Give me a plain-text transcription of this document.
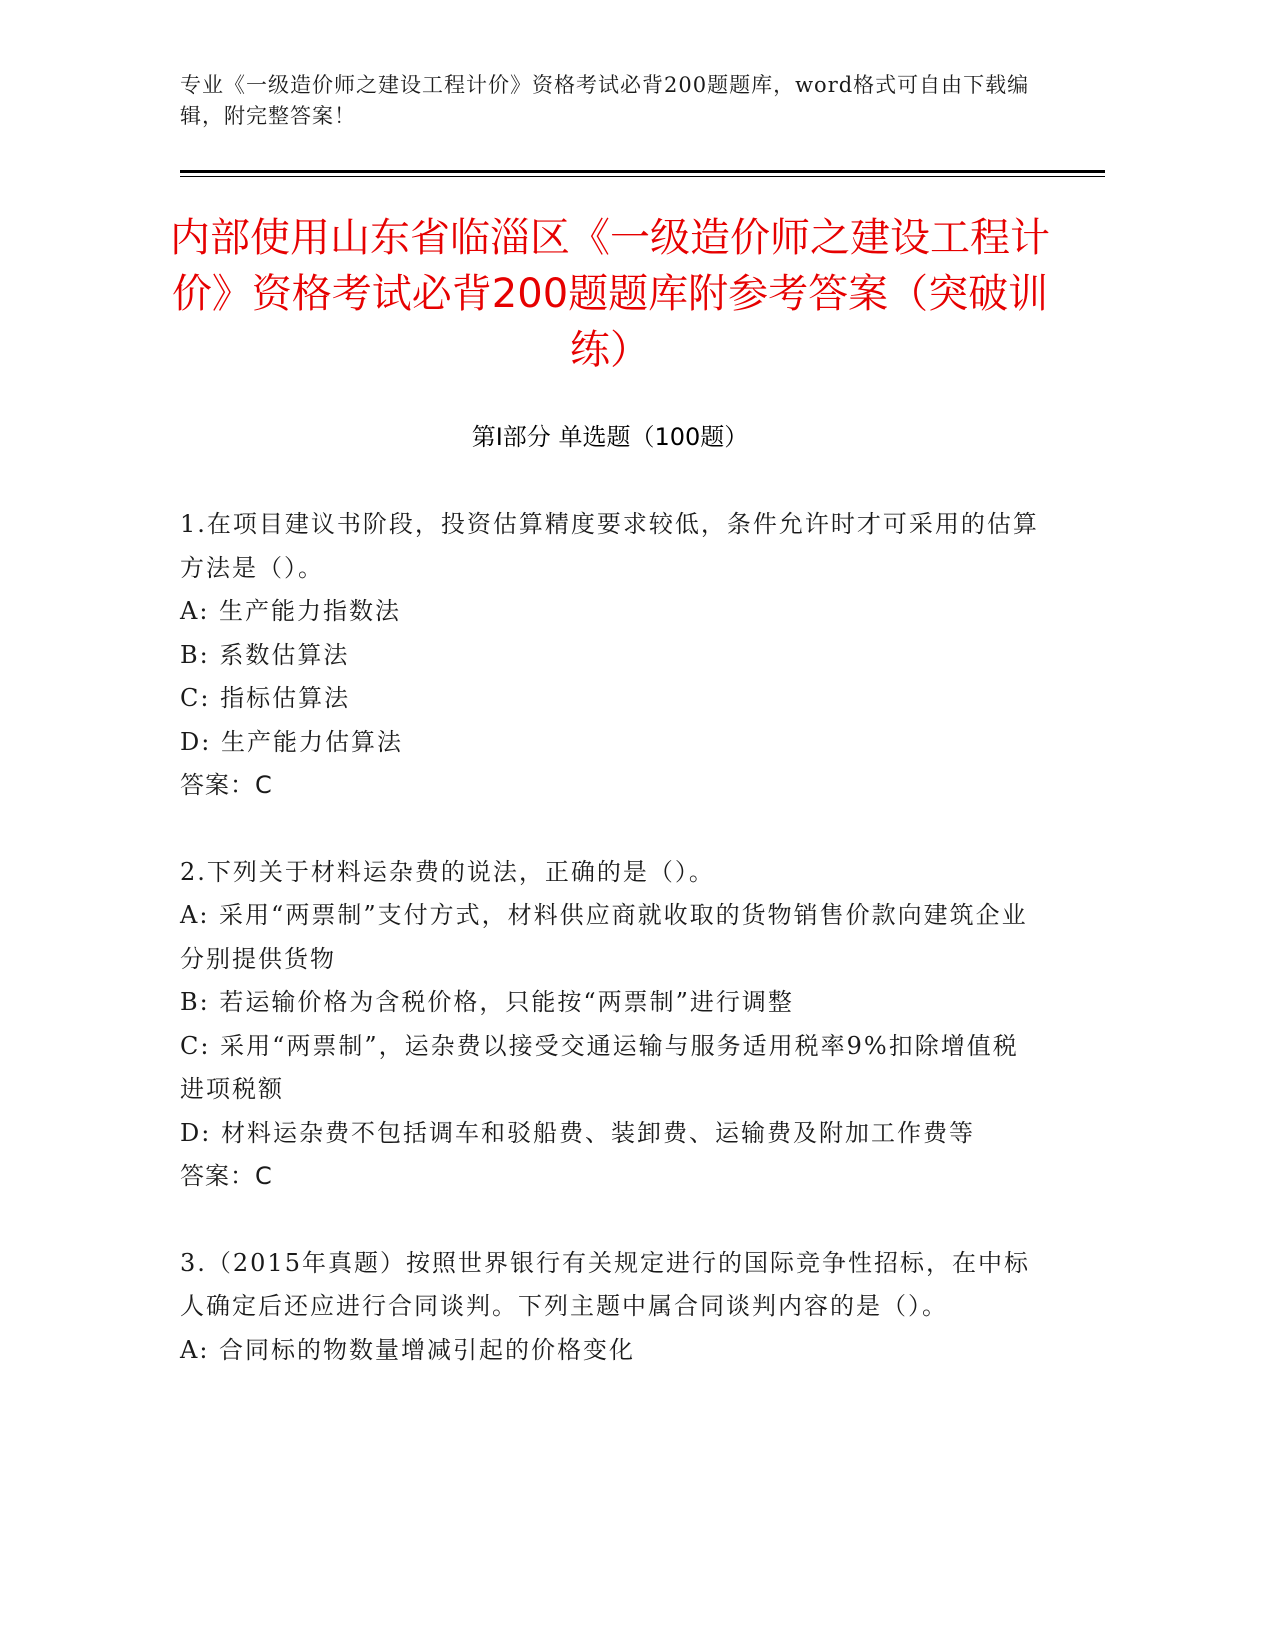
专业《一级造价师之建设工程计价》资格考试必背200题题库，word格式可自由下载编辑，附完整答案！
内部使用山东省临淄区《一级造价师之建设工程计价》资格考试必背200题题库附参考答案（突破训练）
第I部分 单选题（100题）
1.在项目建议书阶段，投资估算精度要求较低，条件允许时才可采用的估算方法是（）。
A: 生产能力指数法
B: 系数估算法
C: 指标估算法
D: 生产能力估算法
答案：C
2.下列关于材料运杂费的说法，正确的是（）。
A: 采用“两票制”支付方式，材料供应商就收取的货物销售价款向建筑企业分别提供货物
B: 若运输价格为含税价格，只能按“两票制”进行调整
C: 采用“两票制”，运杂费以接受交通运输与服务适用税率9%扣除增值税进项税额
D: 材料运杂费不包括调车和驳船费、装卸费、运输费及附加工作费等
答案：C
3.（2015年真题）按照世界银行有关规定进行的国际竞争性招标，在中标人确定后还应进行合同谈判。下列主题中属合同谈判内容的是（）。
A: 合同标的物数量增减引起的价格变化
